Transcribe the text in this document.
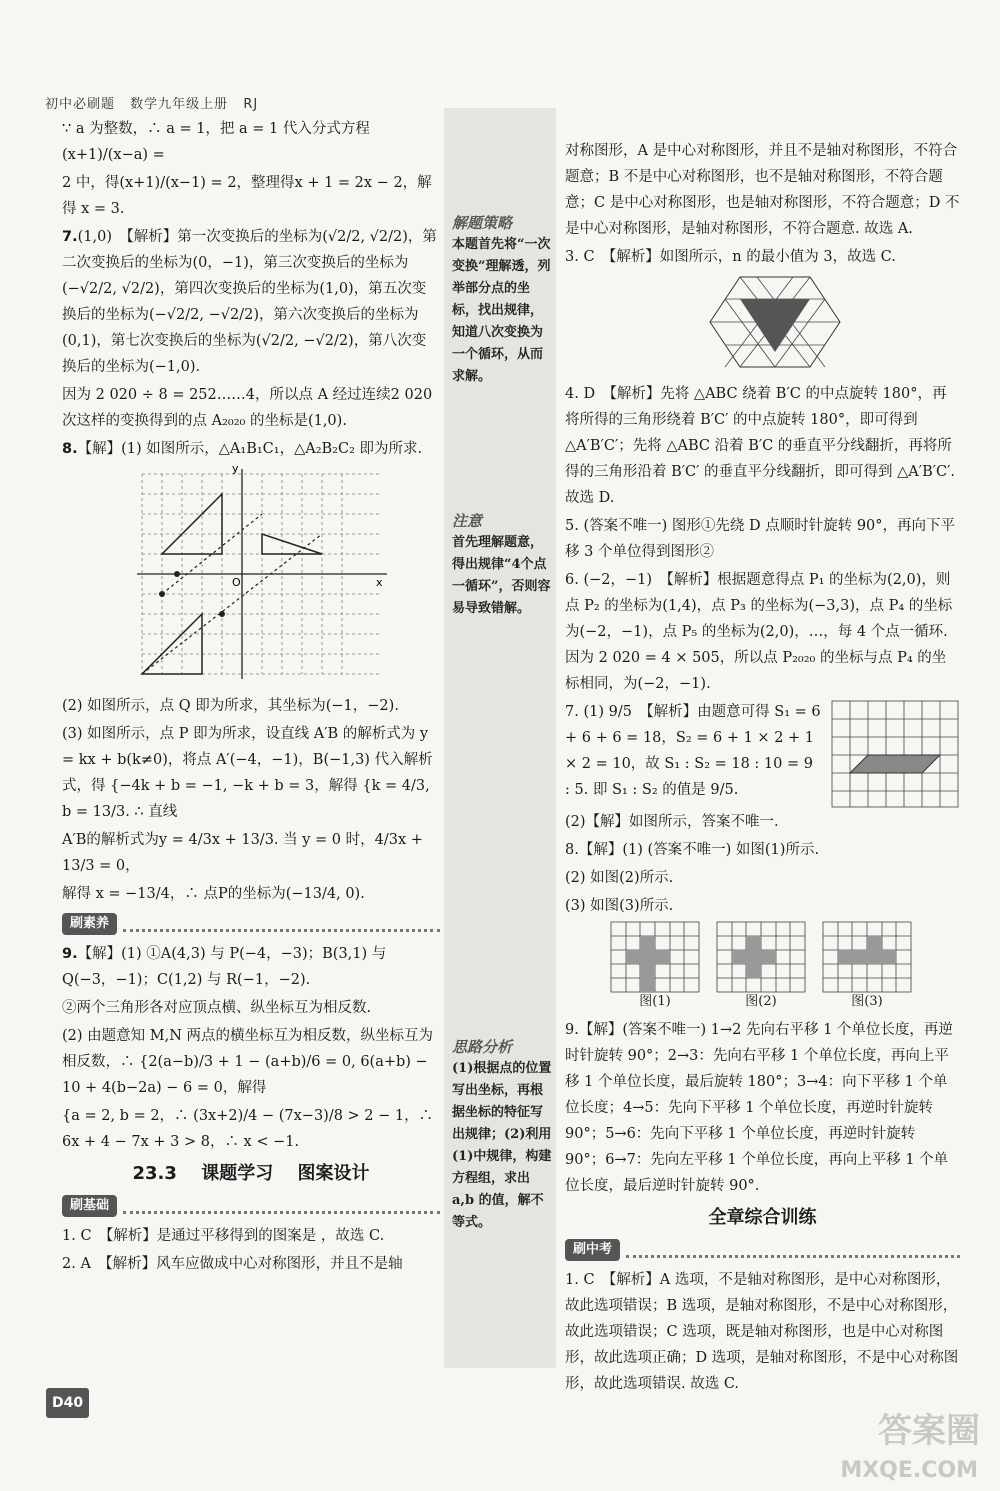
初中必刷题 数学九年级上册 RJ

∵ a 为整数，∴ a = 1，把 a = 1 代入分式方程(x+1)/(x−a) =

2 中，得(x+1)/(x−1) = 2，整理得x + 1 = 2x − 2，解得 x = 3.

7.(1,0)　【解析】第一次变换后的坐标为(√2/2, √2/2)，第二次变换后的坐标为(0，−1)，第三次变换后的坐标为(−√2/2, √2/2)，第四次变换后的坐标为(1,0)，第五次变换后的坐标为(−√2/2, −√2/2)，第六次变换后的坐标为(0,1)，第七次变换后的坐标为(√2/2, −√2/2)，第八次变换后的坐标为(−1,0).

因为 2 020 ÷ 8 = 252……4，所以点 A 经过连续2 020次这样的变换得到的点 A₂₀₂₀ 的坐标是(1,0).

8.【解】(1) 如图所示，△A₁B₁C₁，△A₂B₂C₂ 即为所求.

y
x
O

(2) 如图所示，点 Q 即为所求，其坐标为(−1，−2).

(3) 如图所示，点 P 即为所求，设直线 A′B 的解析式为 y = kx + b(k≠0)，将点 A′(−4，−1)，B(−1,3) 代入解析式，得 {−4k + b = −1, −k + b = 3，解得 {k = 4/3, b = 13/3. ∴ 直线

A′B的解析式为y = 4/3x + 13/3. 当 y = 0 时，4/3x + 13/3 = 0，

解得 x = −13/4，∴ 点P的坐标为(−13/4, 0).

刷素养

9.【解】(1) ①A(4,3) 与 P(−4，−3)；B(3,1) 与 Q(−3，−1)；C(1,2) 与 R(−1，−2).

②两个三角形各对应顶点横、纵坐标互为相反数.

(2) 由题意知 M,N 两点的横坐标互为相反数，纵坐标互为相反数，∴ {2(a−b)/3 + 1 − (a+b)/6 = 0, 6(a+b) − 10 + 4(b−2a) − 6 = 0，解得

{a = 2, b = 2，∴ (3x+2)/4 − (7x−3)/8 > 2 − 1，∴ 6x + 4 − 7x + 3 > 8，∴ x < −1.

23.3　 课题学习　 图案设计
刷基础

1. C　【解析】是通过平移得到的图案是 ，故选 C.

2. A　【解析】风车应做成中心对称图形，并且不是轴

解题策略
本题首先将“一次变换”理解透，列举部分点的坐标，找出规律，知道八次变换为一个循环，从而求解。
注意
首先理解题意，得出规律“4个点一循环”，否则容易导致错解。
思路分析
(1)根据点的位置写出坐标，再根据坐标的特征写出规律；(2)利用(1)中规律，构建方程组，求出 a,b 的值，解不等式。

对称图形，A 是中心对称图形，并且不是轴对称图形，不符合题意；B 不是中心对称图形，也不是轴对称图形，不符合题意；C 是中心对称图形，也是轴对称图形，不符合题意；D 不是中心对称图形，是轴对称图形，不符合题意. 故选 A.

3. C　【解析】如图所示，n 的最小值为 3，故选 C.

4. D　【解析】先将 △ABC 绕着 B′C 的中点旋转 180°，再将所得的三角形绕着 B′C′ 的中点旋转 180°，即可得到 △A′B′C′；先将 △ABC 沿着 B′C 的垂直平分线翻折，再将所得的三角形沿着 B′C′ 的垂直平分线翻折，即可得到 △A′B′C′. 故选 D.

5. (答案不唯一) 图形①先绕 D 点顺时针旋转 90°，再向下平移 3 个单位得到图形②

6. (−2，−1)　【解析】根据题意得点 P₁ 的坐标为(2,0)，则点 P₂ 的坐标为(1,4)，点 P₃ 的坐标为(−3,3)，点 P₄ 的坐标为(−2，−1)，点 P₅ 的坐标为(2,0)，…，每 4 个点一循环. 因为 2 020 = 4 × 505，所以点 P₂₀₂₀ 的坐标与点 P₄ 的坐标相同，为(−2，−1).

7. (1) 9/5　【解析】由题意可得 S₁ = 6 + 6 + 6 = 18，S₂ = 6 + 1 × 2 + 1 × 2 = 10，故 S₁ : S₂ = 18 : 10 = 9 : 5. 即 S₁ : S₂ 的值是 9/5.

(2)【解】如图所示，答案不唯一.

8.【解】(1) (答案不唯一) 如图(1)所示.

(2) 如图(2)所示.

(3) 如图(3)所示.

图(1)	图(2)	图(3)

9.【解】(答案不唯一) 1→2 先向右平移 1 个单位长度，再逆时针旋转 90°；2→3：先向右平移 1 个单位长度，再向上平移 1 个单位长度，最后旋转 180°；3→4：向下平移 1 个单位长度；4→5：先向下平移 1 个单位长度，再逆时针旋转 90°；5→6：先向下平移 1 个单位长度，再逆时针旋转 90°；6→7：先向左平移 1 个单位长度，再向上平移 1 个单位长度，最后逆时针旋转 90°.

全章综合训练
刷中考

1. C　【解析】A 选项，不是轴对称图形，是中心对称图形，故此选项错误；B 选项，是轴对称图形，不是中心对称图形，故此选项错误；C 选项，既是轴对称图形，也是中心对称图形，故此选项正确；D 选项，是轴对称图形，不是中心对称图形，故此选项错误. 故选 C.

D40
答案圈
MXQE.COM
